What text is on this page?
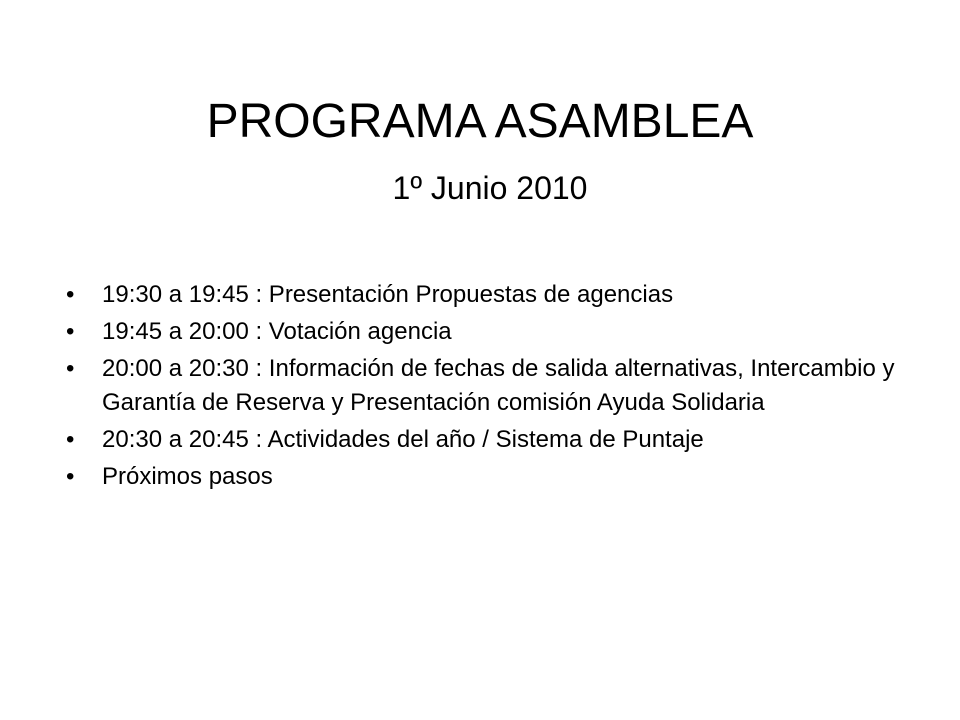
PROGRAMA ASAMBLEA
1º Junio 2010
• 19:30 a 19:45 : Presentación Propuestas de agencias
• 19:45 a 20:00 : Votación agencia
• 20:00 a 20:30 : Información de fechas de salida alternativas, Intercambio y Garantía de Reserva y Presentación comisión Ayuda Solidaria
• 20:30 a 20:45 : Actividades del año / Sistema de Puntaje
• Próximos pasos
